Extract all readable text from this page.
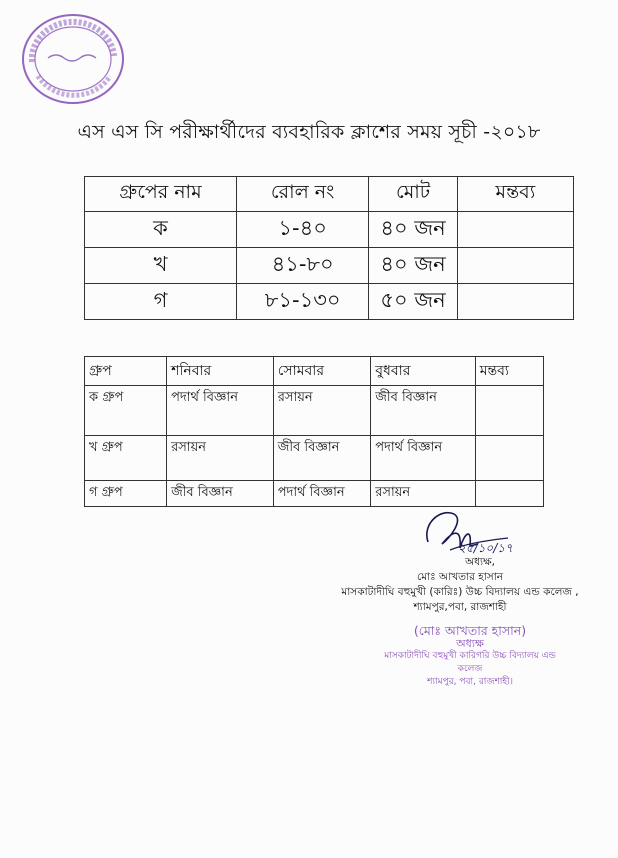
এস এস সি পরীক্ষার্থীদের ব্যবহারিক ক্লাশের সময় সূচী -২০১৮
গ্রুপের নাম	রোল নং	মোট	মন্তব্য
ক	১-৪০	৪০ জন	
খ	৪১-৮০	৪০ জন	
গ	৮১-১৩০	৫০ জন	
গ্রুপ	শনিবার	সোমবার	বুধবার	মন্তব্য
ক গ্রুপ	পদার্থ বিজ্ঞান	রসায়ন	জীব বিজ্ঞান	
খ গ্রুপ	রসায়ন	জীব বিজ্ঞান	পদার্থ বিজ্ঞান	
গ গ্রুপ	জীব বিজ্ঞান	পদার্থ বিজ্ঞান	রসায়ন	
২৫/১০/১৭
অধ্যক্ষ,
মোঃ আখতার হাসান
মাসকাটাদীঘি বহুমুখী (কারিঃ) উচ্চ বিদ্যালয় এন্ড কলেজ ,
শ্যামপুর,পবা, রাজশাহী
(মোঃ আখতার হাসান)
অধ্যক্ষ
মাসকাটাদীঘি বহুমুখী কারিগরি উচ্চ বিদ্যালয় এন্ড কলেজ
শ্যামপুর, পবা, রাজশাহী।
